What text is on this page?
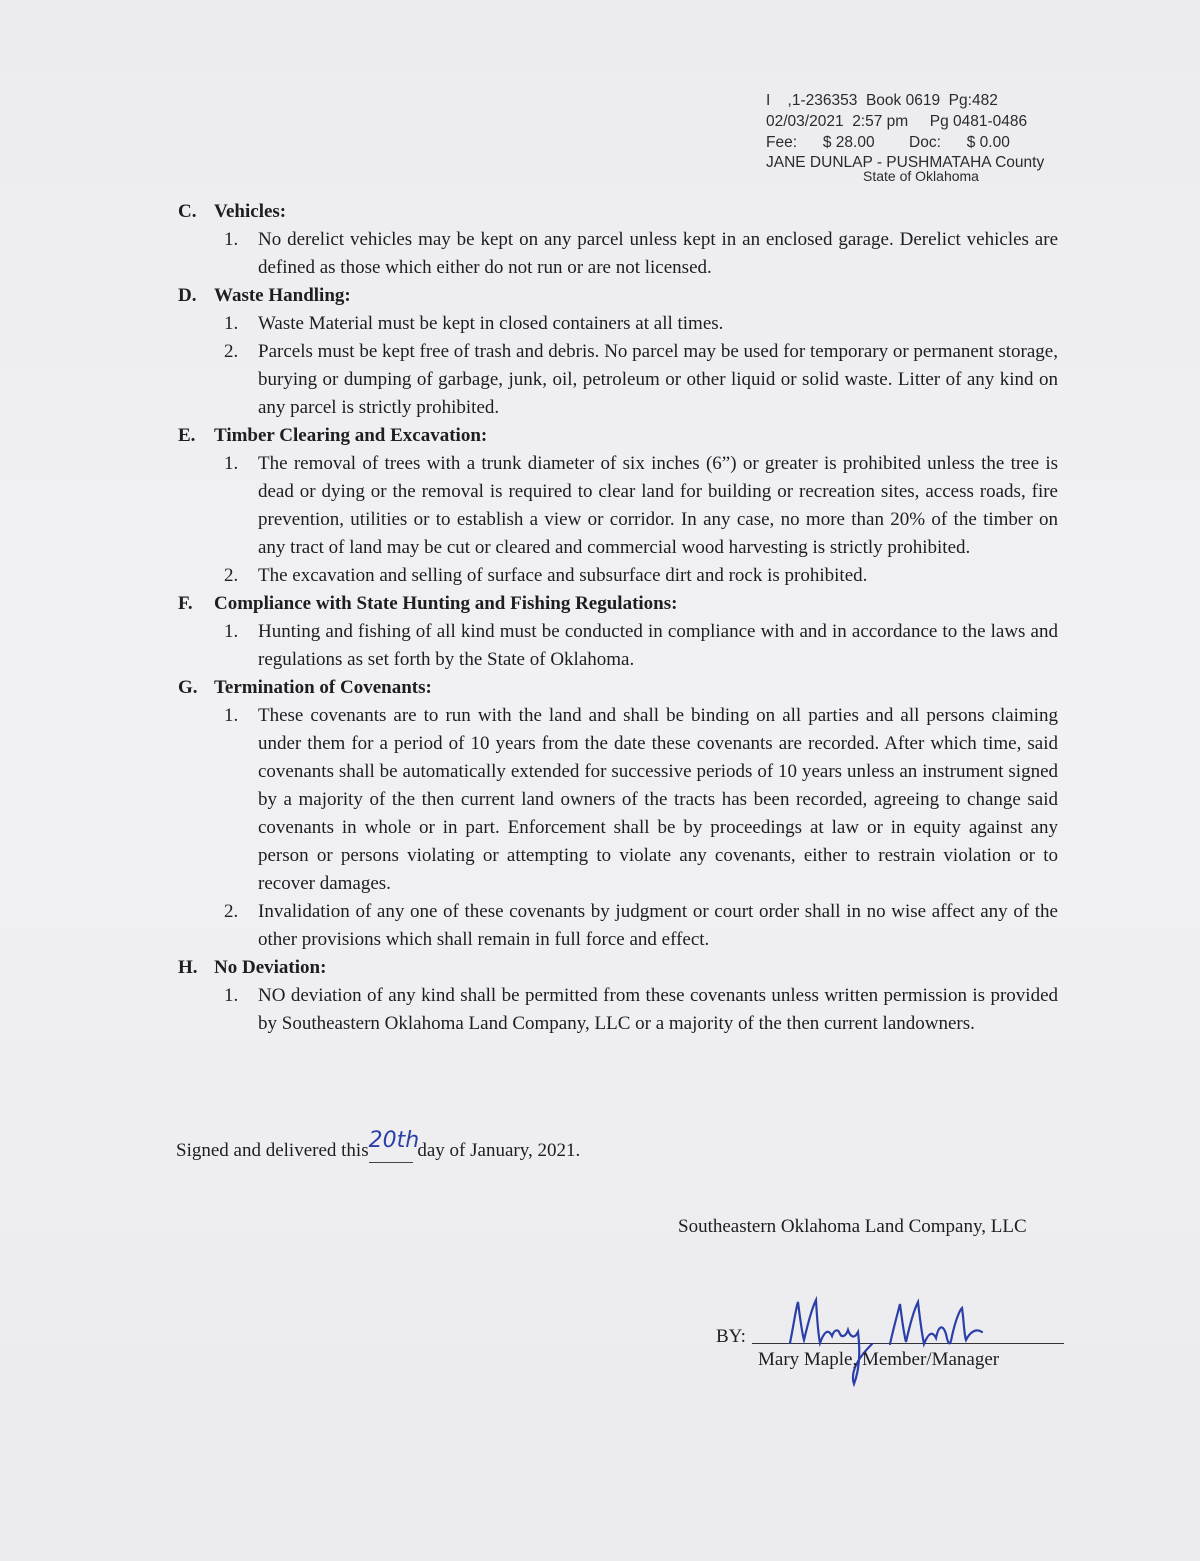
I    ,1-236353  Book 0619  Pg:482
02/03/2021  2:57 pm     Pg 0481-0486
Fee:      $ 28.00        Doc:      $ 0.00
JANE DUNLAP - PUSHMATAHA County
State of Oklahoma
C. Vehicles:
1.	No derelict vehicles may be kept on any parcel unless kept in an enclosed garage. Derelict vehicles are defined as those which either do not run or are not licensed.
D. Waste Handling:
1.	Waste Material must be kept in closed containers at all times.
2.	Parcels must be kept free of trash and debris. No parcel may be used for temporary or permanent storage, burying or dumping of garbage, junk, oil, petroleum or other liquid or solid waste. Litter of any kind on any parcel is strictly prohibited.
E. Timber Clearing and Excavation:
1.	The removal of trees with a trunk diameter of six inches (6”) or greater is prohibited unless the tree is dead or dying or the removal is required to clear land for building or recreation sites, access roads, fire prevention, utilities or to establish a view or corridor. In any case, no more than 20% of the timber on any tract of land may be cut or cleared and commercial wood harvesting is strictly prohibited.
2.	The excavation and selling of surface and subsurface dirt and rock is prohibited.
F.	Compliance with State Hunting and Fishing Regulations:
1.	Hunting and fishing of all kind must be conducted in compliance with and in accordance to the laws and regulations as set forth by the State of Oklahoma.
G. Termination of Covenants:
1.	These covenants are to run with the land and shall be binding on all parties and all persons claiming under them for a period of 10 years from the date these covenants are recorded. After which time, said covenants shall be automatically extended for successive periods of 10 years unless an instrument signed by a majority of the then current land owners of the tracts has been recorded, agreeing to change said covenants in whole or in part. Enforcement shall be by proceedings at law or in equity against any person or persons violating or attempting to violate any covenants, either to restrain violation or to recover damages.
2.	Invalidation of any one of these covenants by judgment or court order shall in no wise affect any of the other provisions which shall remain in full force and effect.
H. No Deviation:
1.	NO deviation of any kind shall be permitted from these covenants unless written permission is provided by Southeastern Oklahoma Land Company, LLC or a majority of the then current landowners.
Signed and delivered this 20th
day of January, 2021.
Southeastern Oklahoma Land Company, LLC
BY:
Mary Maple, Member/Manager
